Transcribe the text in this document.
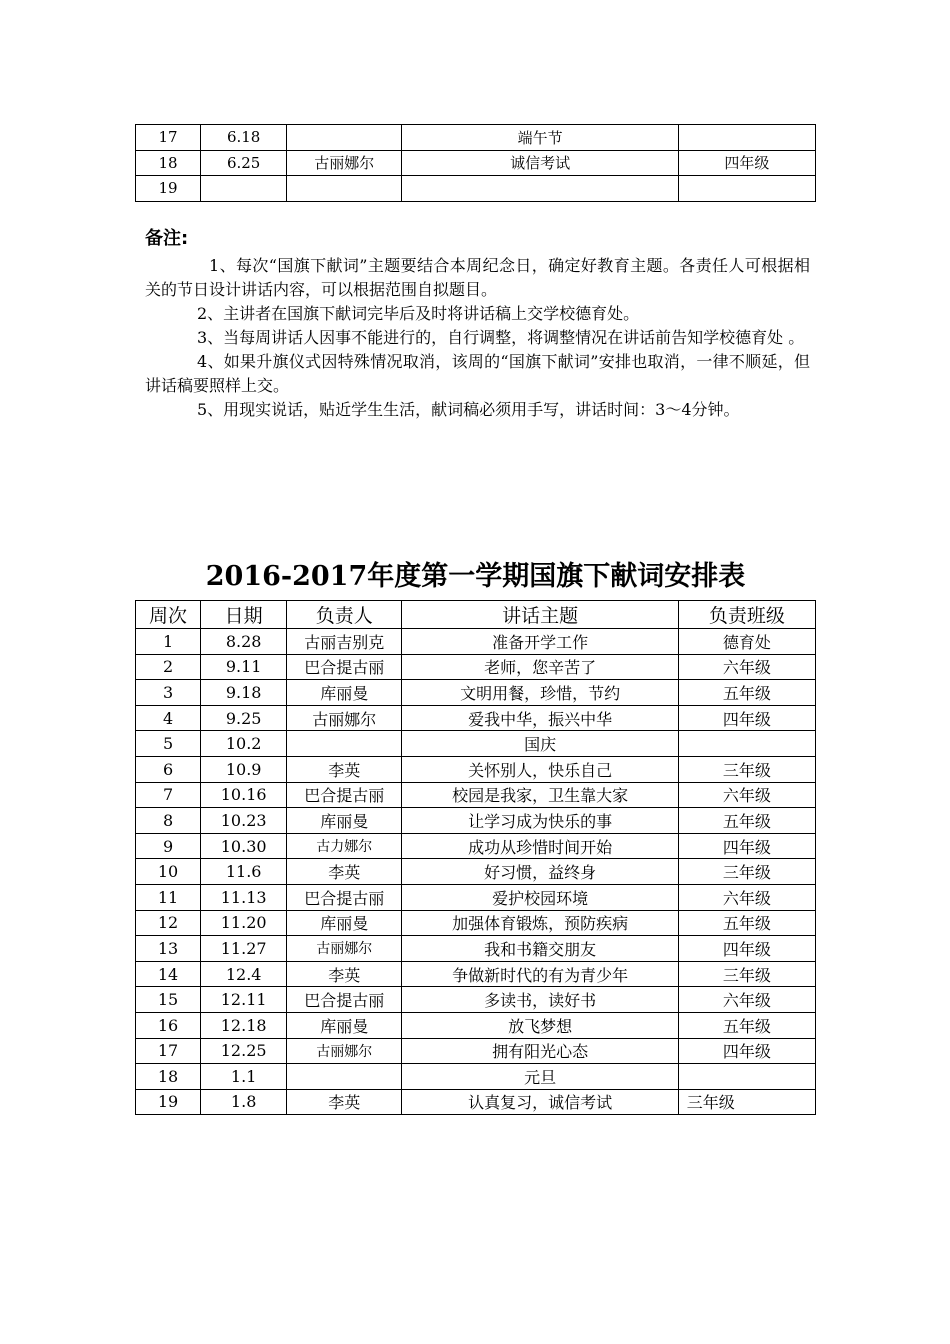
17	6.18		端午节	
18	6.25	古丽娜尔	诚信考试	四年级
19				
备注:

1、每次“国旗下献词”主题要结合本周纪念日，确定好教育主题。各责任人可根据相关的节日设计讲话内容，可以根据范围自拟题目。

2、主讲者在国旗下献词完毕后及时将讲话稿上交学校德育处。

3、当每周讲话人因事不能进行的，自行调整，将调整情况在讲话前告知学校德育处 。

4、如果升旗仪式因特殊情况取消，该周的“国旗下献词”安排也取消，一律不顺延，但讲话稿要照样上交。

5、用现实说话，贴近学生生活，献词稿必须用手写，讲话时间：3～4分钟。

2016-2017年度第一学期国旗下献词安排表
周次	日期	负责人	讲话主题	负责班级
1	8.28	古丽吉别克	准备开学工作	德育处
2	9.11	巴合提古丽	老师，您辛苦了	六年级
3	9.18	库丽曼	文明用餐，珍惜，节约	五年级
4	9.25	古丽娜尔	爱我中华，振兴中华	四年级
5	10.2		国庆	
6	10.9	李英	关怀别人，快乐自己	三年级
7	10.16	巴合提古丽	校园是我家，卫生靠大家	六年级
8	10.23	库丽曼	让学习成为快乐的事	五年级
9	10.30	古力娜尔	成功从珍惜时间开始	四年级
10	11.6	李英	好习惯，益终身	三年级
11	11.13	巴合提古丽	爱护校园环境	六年级
12	11.20	库丽曼	加强体育锻炼，预防疾病	五年级
13	11.27	古丽娜尔	我和书籍交朋友	四年级
14	12.4	李英	争做新时代的有为青少年	三年级
15	12.11	巴合提古丽	多读书，读好书	六年级
16	12.18	库丽曼	放飞梦想	五年级
17	12.25	古丽娜尔	拥有阳光心态	四年级
18	1.1		元旦	
19	1.8	李英	认真复习，诚信考试	三年级
